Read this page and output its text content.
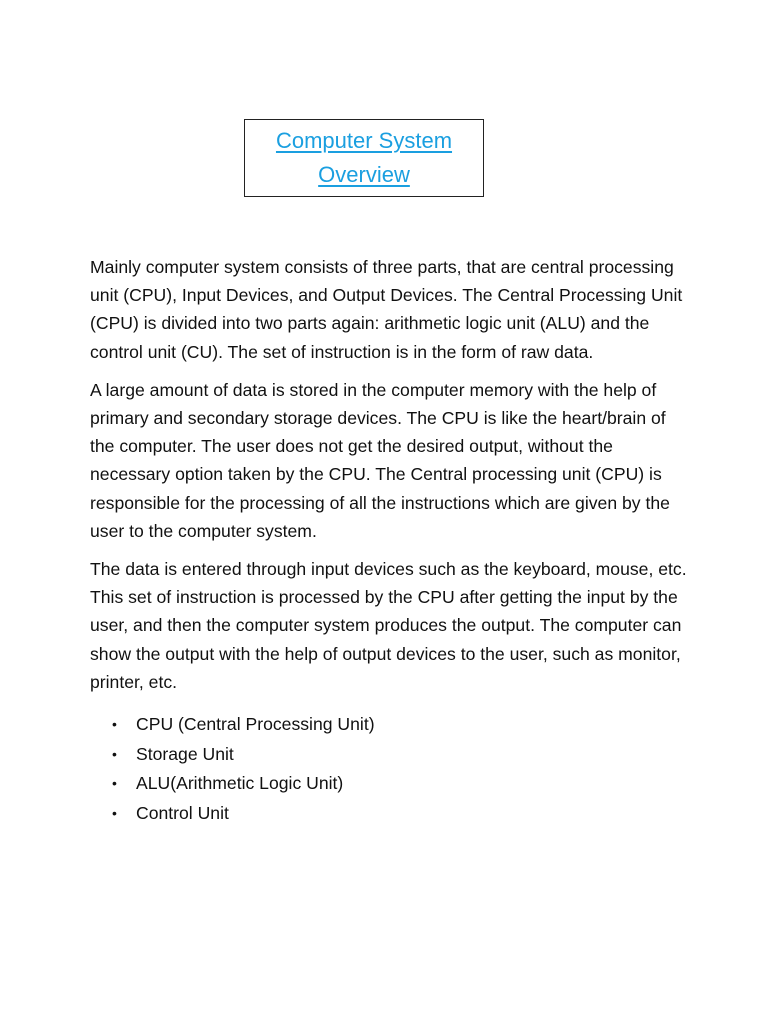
Computer System
Overview

Mainly computer system consists of three parts, that are central processing unit (CPU), Input Devices, and Output Devices. The Central Processing Unit (CPU) is divided into two parts again: arithmetic logic unit (ALU) and the control unit (CU). The set of instruction is in the form of raw data.

A large amount of data is stored in the computer memory with the help of primary and secondary storage devices. The CPU is like the heart/brain of the computer. The user does not get the desired output, without the necessary option taken by the CPU. The Central processing unit (CPU) is responsible for the processing of all the instructions which are given by the user to the computer system.

The data is entered through input devices such as the keyboard, mouse, etc. This set of instruction is processed by the CPU after getting the input by the user, and then the computer system produces the output. The computer can show the output with the help of output devices to the user, such as monitor, printer, etc.

• CPU (Central Processing Unit)
• Storage Unit
• ALU(Arithmetic Logic Unit)
• Control Unit
